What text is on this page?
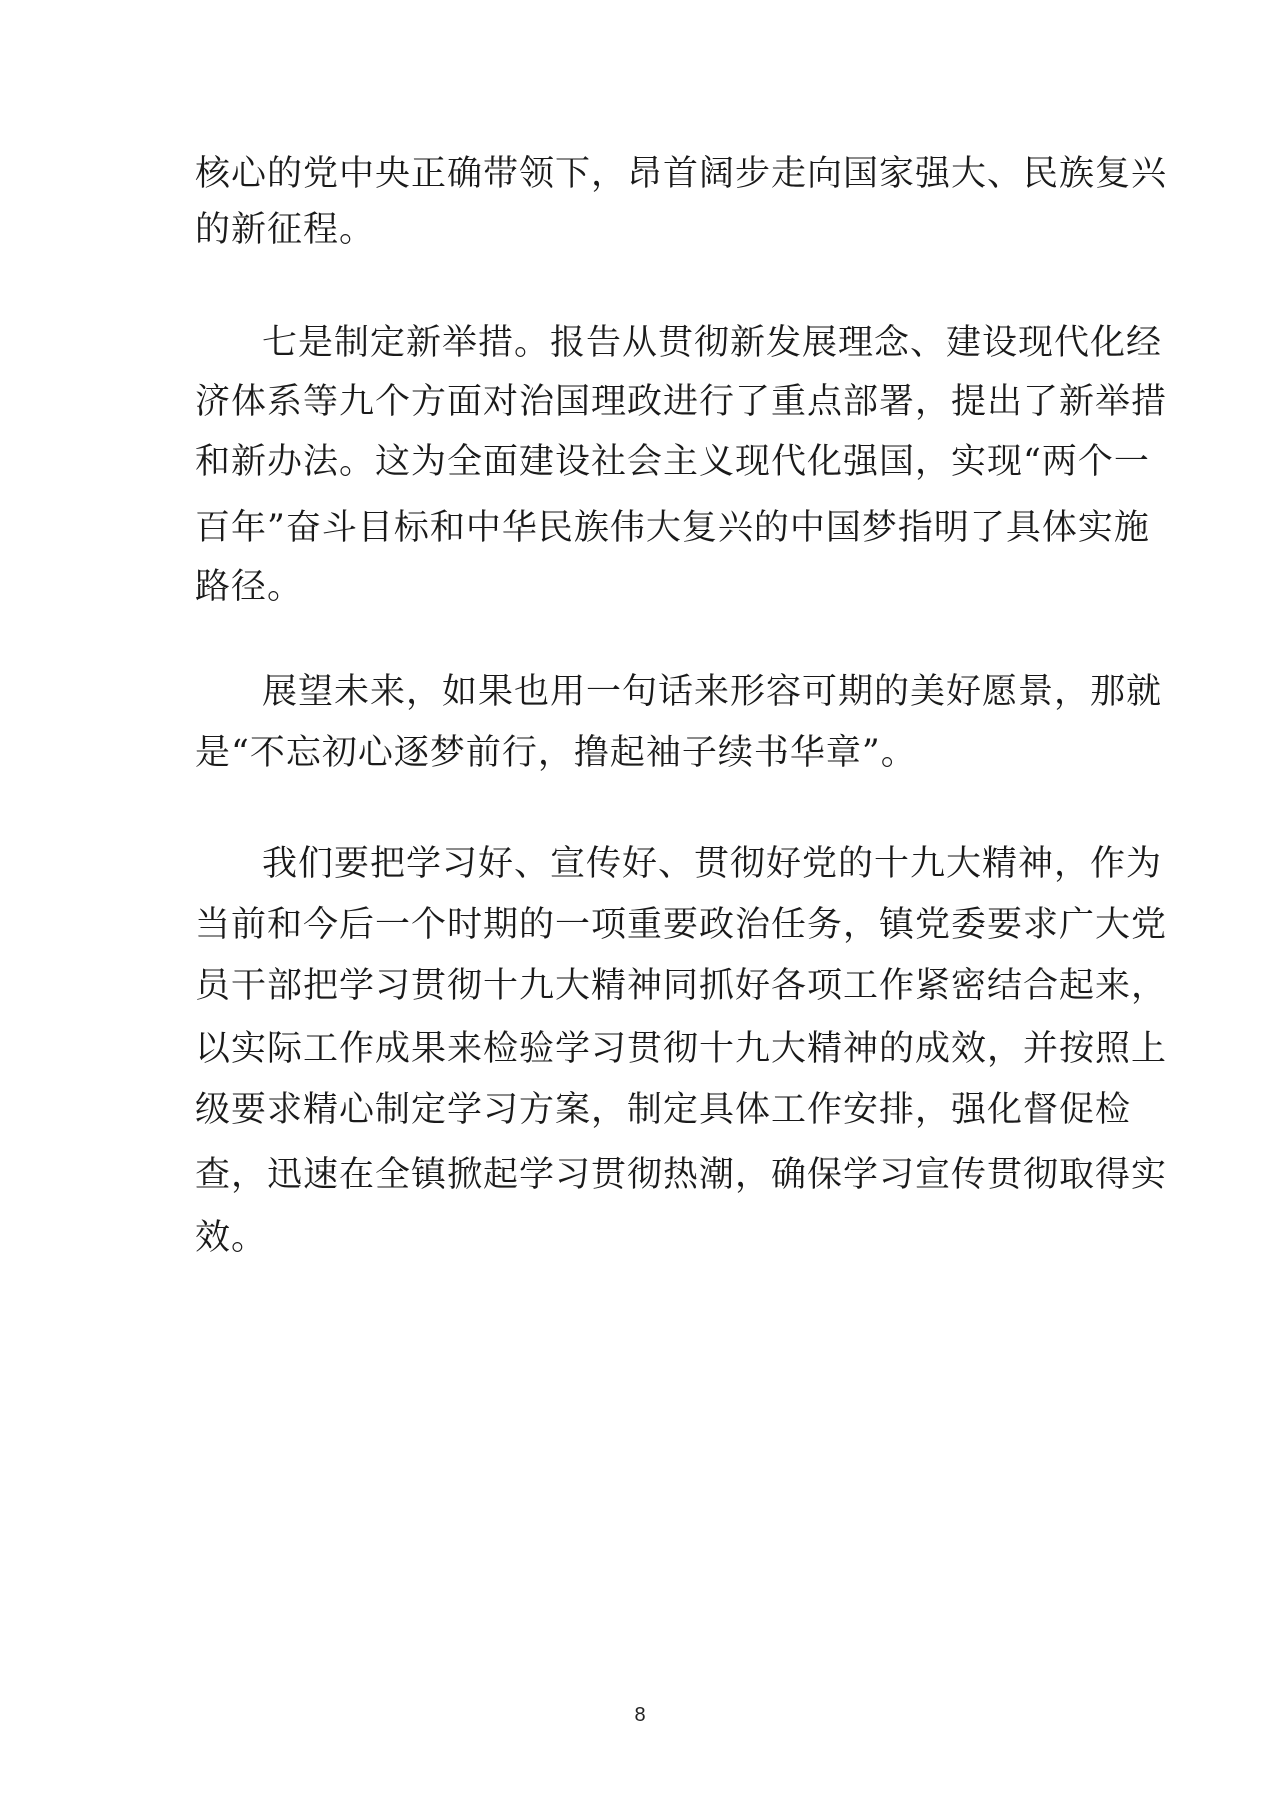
核心的党中央正确带领下，昂首阔步走向国家强大、民族复兴
的新征程。
七是制定新举措。报告从贯彻新发展理念、建设现代化经
济体系等九个方面对治国理政进行了重点部署，提出了新举措
和新办法。这为全面建设社会主义现代化强国，实现“两个一
百年”奋斗目标和中华民族伟大复兴的中国梦指明了具体实施
路径。
展望未来，如果也用一句话来形容可期的美好愿景，那就
是“不忘初心逐梦前行，撸起袖子续书华章”。
我们要把学习好、宣传好、贯彻好党的十九大精神，作为
当前和今后一个时期的一项重要政治任务，镇党委要求广大党
员干部把学习贯彻十九大精神同抓好各项工作紧密结合起来，
以实际工作成果来检验学习贯彻十九大精神的成效，并按照上
级要求精心制定学习方案，制定具体工作安排，强化督促检
查，迅速在全镇掀起学习贯彻热潮，确保学习宣传贯彻取得实
效。
8
